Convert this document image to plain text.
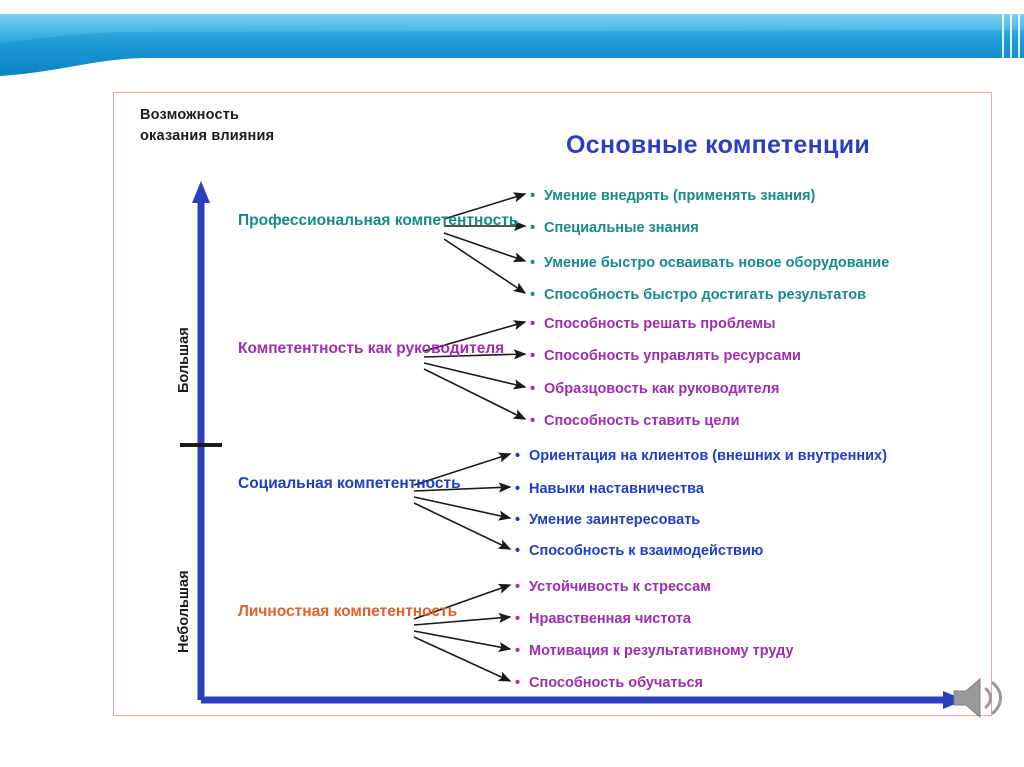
Возможность оказания влияния
Большая
Небольшая
Основные компетенции
Профессиональная компетентность
Компетентность как руководителя
Социальная компетентность
Личностная компетентность
• Умение внедрять (применять знания)
• Специальные знания
• Умение быстро осваивать новое оборудование
• Способность быстро достигать результатов
• Способность решать проблемы
• Способность управлять ресурсами
• Образцовость как руководителя
• Способность ставить цели
• Ориентация на клиентов (внешних и внутренних)
• Навыки наставничества
• Умение заинтересовать
• Способность к взаимодействию
• Устойчивость к стрессам
• Нравственная чистота
• Мотивация к результативному труду
• Способность обучаться
